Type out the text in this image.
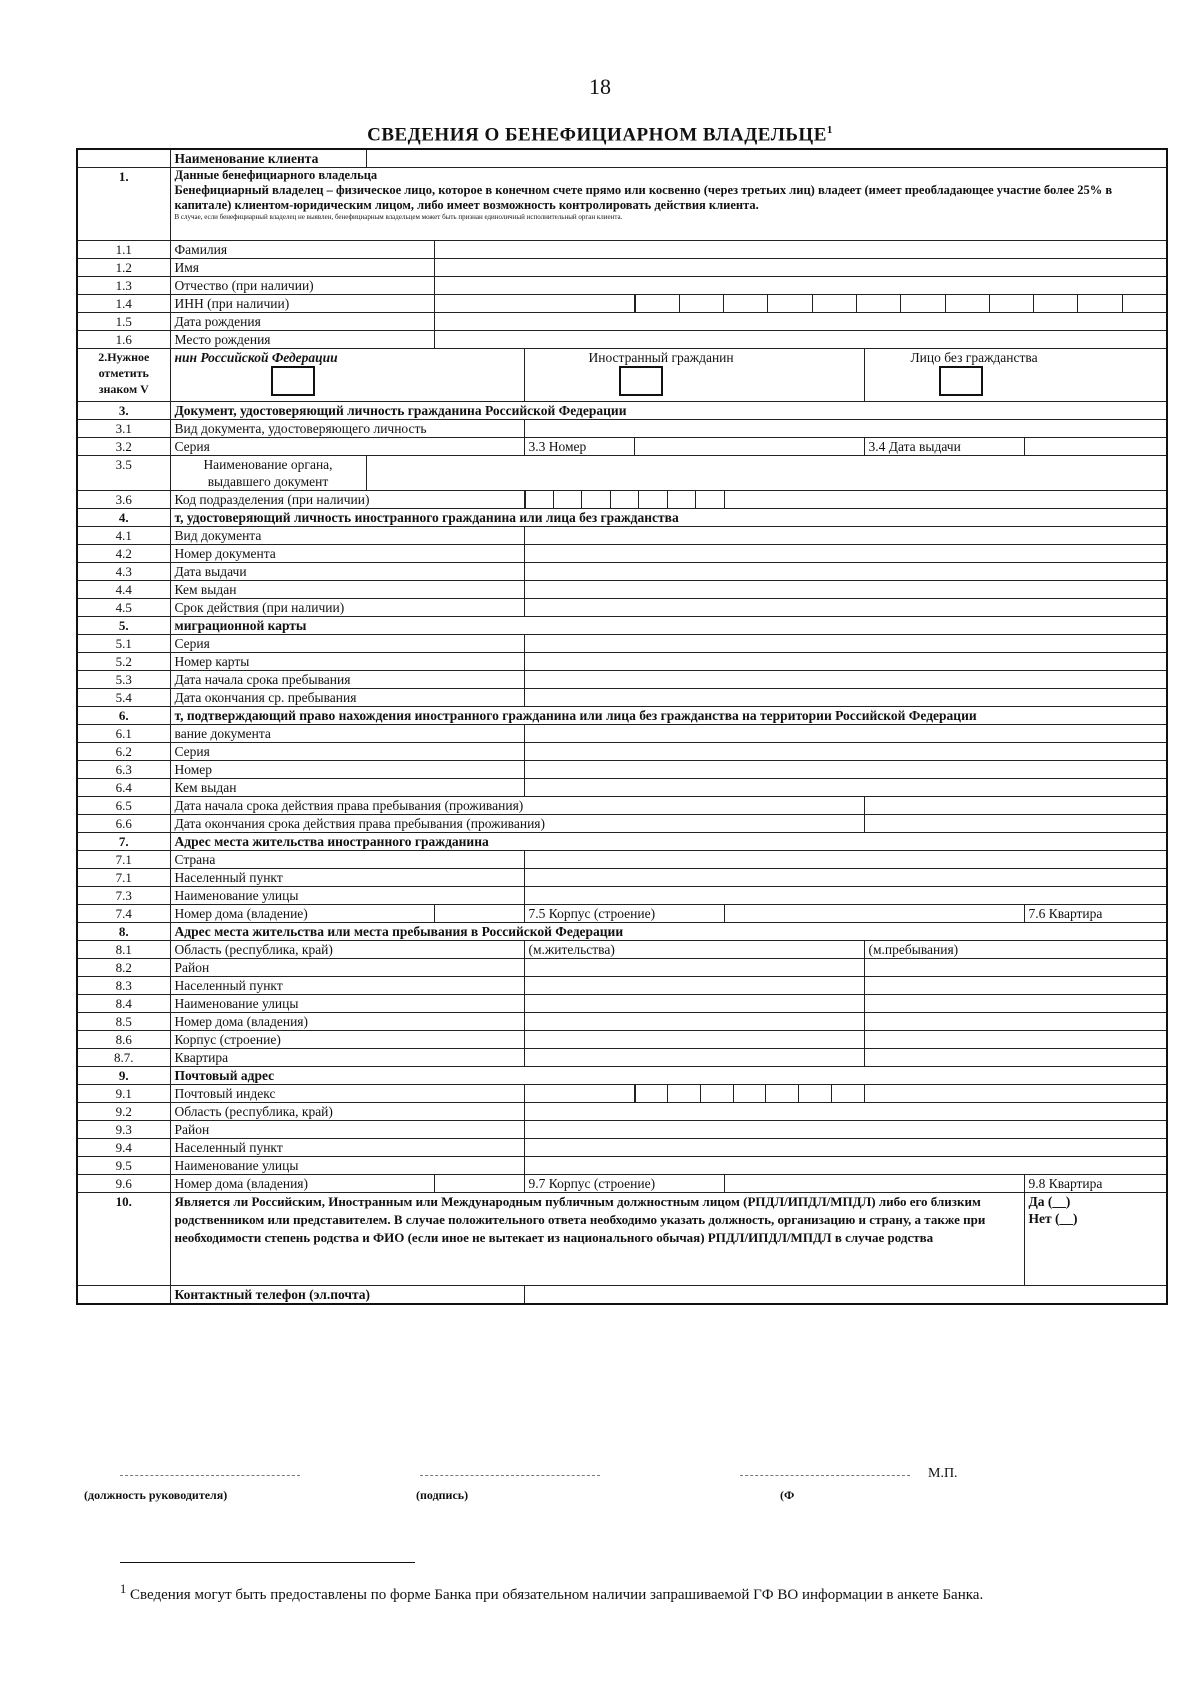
18
СВЕДЕНИЯ О БЕНЕФИЦИАРНОМ ВЛАДЕЛЬЦЕ$^1$
	Наименование клиента							
1.	Данные бенефициарного владельца
Бенефициарный владелец – физическое лицо, которое в конечном счете прямо или косвенно (через третьих лиц) владеет (имеет преобладающее участие более 25% в капитале) клиентом-юридическим лицом, либо имеет возможность контролировать действия клиента.
В случае, если бенефициарный владелец не выявлен, бенефициарным владельцем может быть признан единоличный исполнительный орган клиента.							

1.1	Фамилия							
1.2	Имя							
1.3	Отчество (при наличии)							
1.4	ИНН (при наличии)							

1.5	Дата рождения							
1.6	Место рождения							
2.Нужное отметить знаком V	нин Российской Федерации			Иностранный гражданин			Лицо без гражданства	

3.	Документ, удостоверяющий личность гражданина Российской Федерации							
3.1	Вид документа, удостоверяющего личность							
3.2	Серия			3.3 Номер			3.4 Дата выдачи	
3.5	Наименование органа, выдавшего документ							
3.6	Код подразделения (при наличии)						

4.	т, удостоверяющий личность иностранного гражданина или лица без гражданства							
4.1	Вид документа							
4.2	Номер документа							
4.3	Дата выдачи							
4.4	Кем выдан							
4.5	Срок действия (при наличии)							
5.	миграционной карты							
5.1	Серия							
5.2	Номер карты							
5.3	Дата начала срока пребывания							
5.4	Дата окончания ср. пребывания							
6.	т, подтверждающий право нахождения иностранного гражданина или лица без гражданства на территории Российской Федерации							
6.1	вание документа							
6.2	Серия							
6.3	Номер							
6.4	Кем выдан							
6.5	Дата начала срока действия права пребывания (проживания)							
6.6	Дата окончания срока действия права пребывания (проживания)							
7.	Адрес места жительства иностранного гражданина							
7.1	Страна							
7.1	Населенный пункт							
7.3	Наименование улицы							
7.4	Номер дома (владение)			7.5 Корпус (строение)				7.6 Квартира
8.	Адрес места жительства или места пребывания в Российской Федерации							
8.1	Область (республика, край)			(м.жительства)			(м.пребывания)	
8.2	Район							
8.3	Населенный пункт							
8.4	Наименование улицы							
8.5	Номер дома (владения)							
8.6	Корпус (строение)							
8.7.	Квартира							
9.	Почтовый адрес							
9.1	Почтовый индекс						

9.2	Область (республика, край)							
9.3	Район							
9.4	Населенный пункт							
9.5	Наименование улицы							
9.6	Номер дома (владения)			9.7 Корпус (строение)				9.8 Квартира
10.	Является ли Российским, Иностранным или Международным публичным должностным лицом (РПДЛ/ИПДЛ/МПДЛ) либо его близким родственником или представителем. В случае положительного ответа необходимо указать должность, организацию и страну, а также при необходимости степень родства и ФИО (если иное не вытекает из национального обычая) РПДЛ/ИПДЛ/МПДЛ в случае родства							Да (__)
Нет (__)
	Контактный телефон (эл.почта)							
М.П.
(должность руководителя)	(подпись)	(Ф
$^1$ Сведения могут быть предоставлены по форме Банка при обязательном наличии запрашиваемой ГФ ВО информации в анкете Банка.
